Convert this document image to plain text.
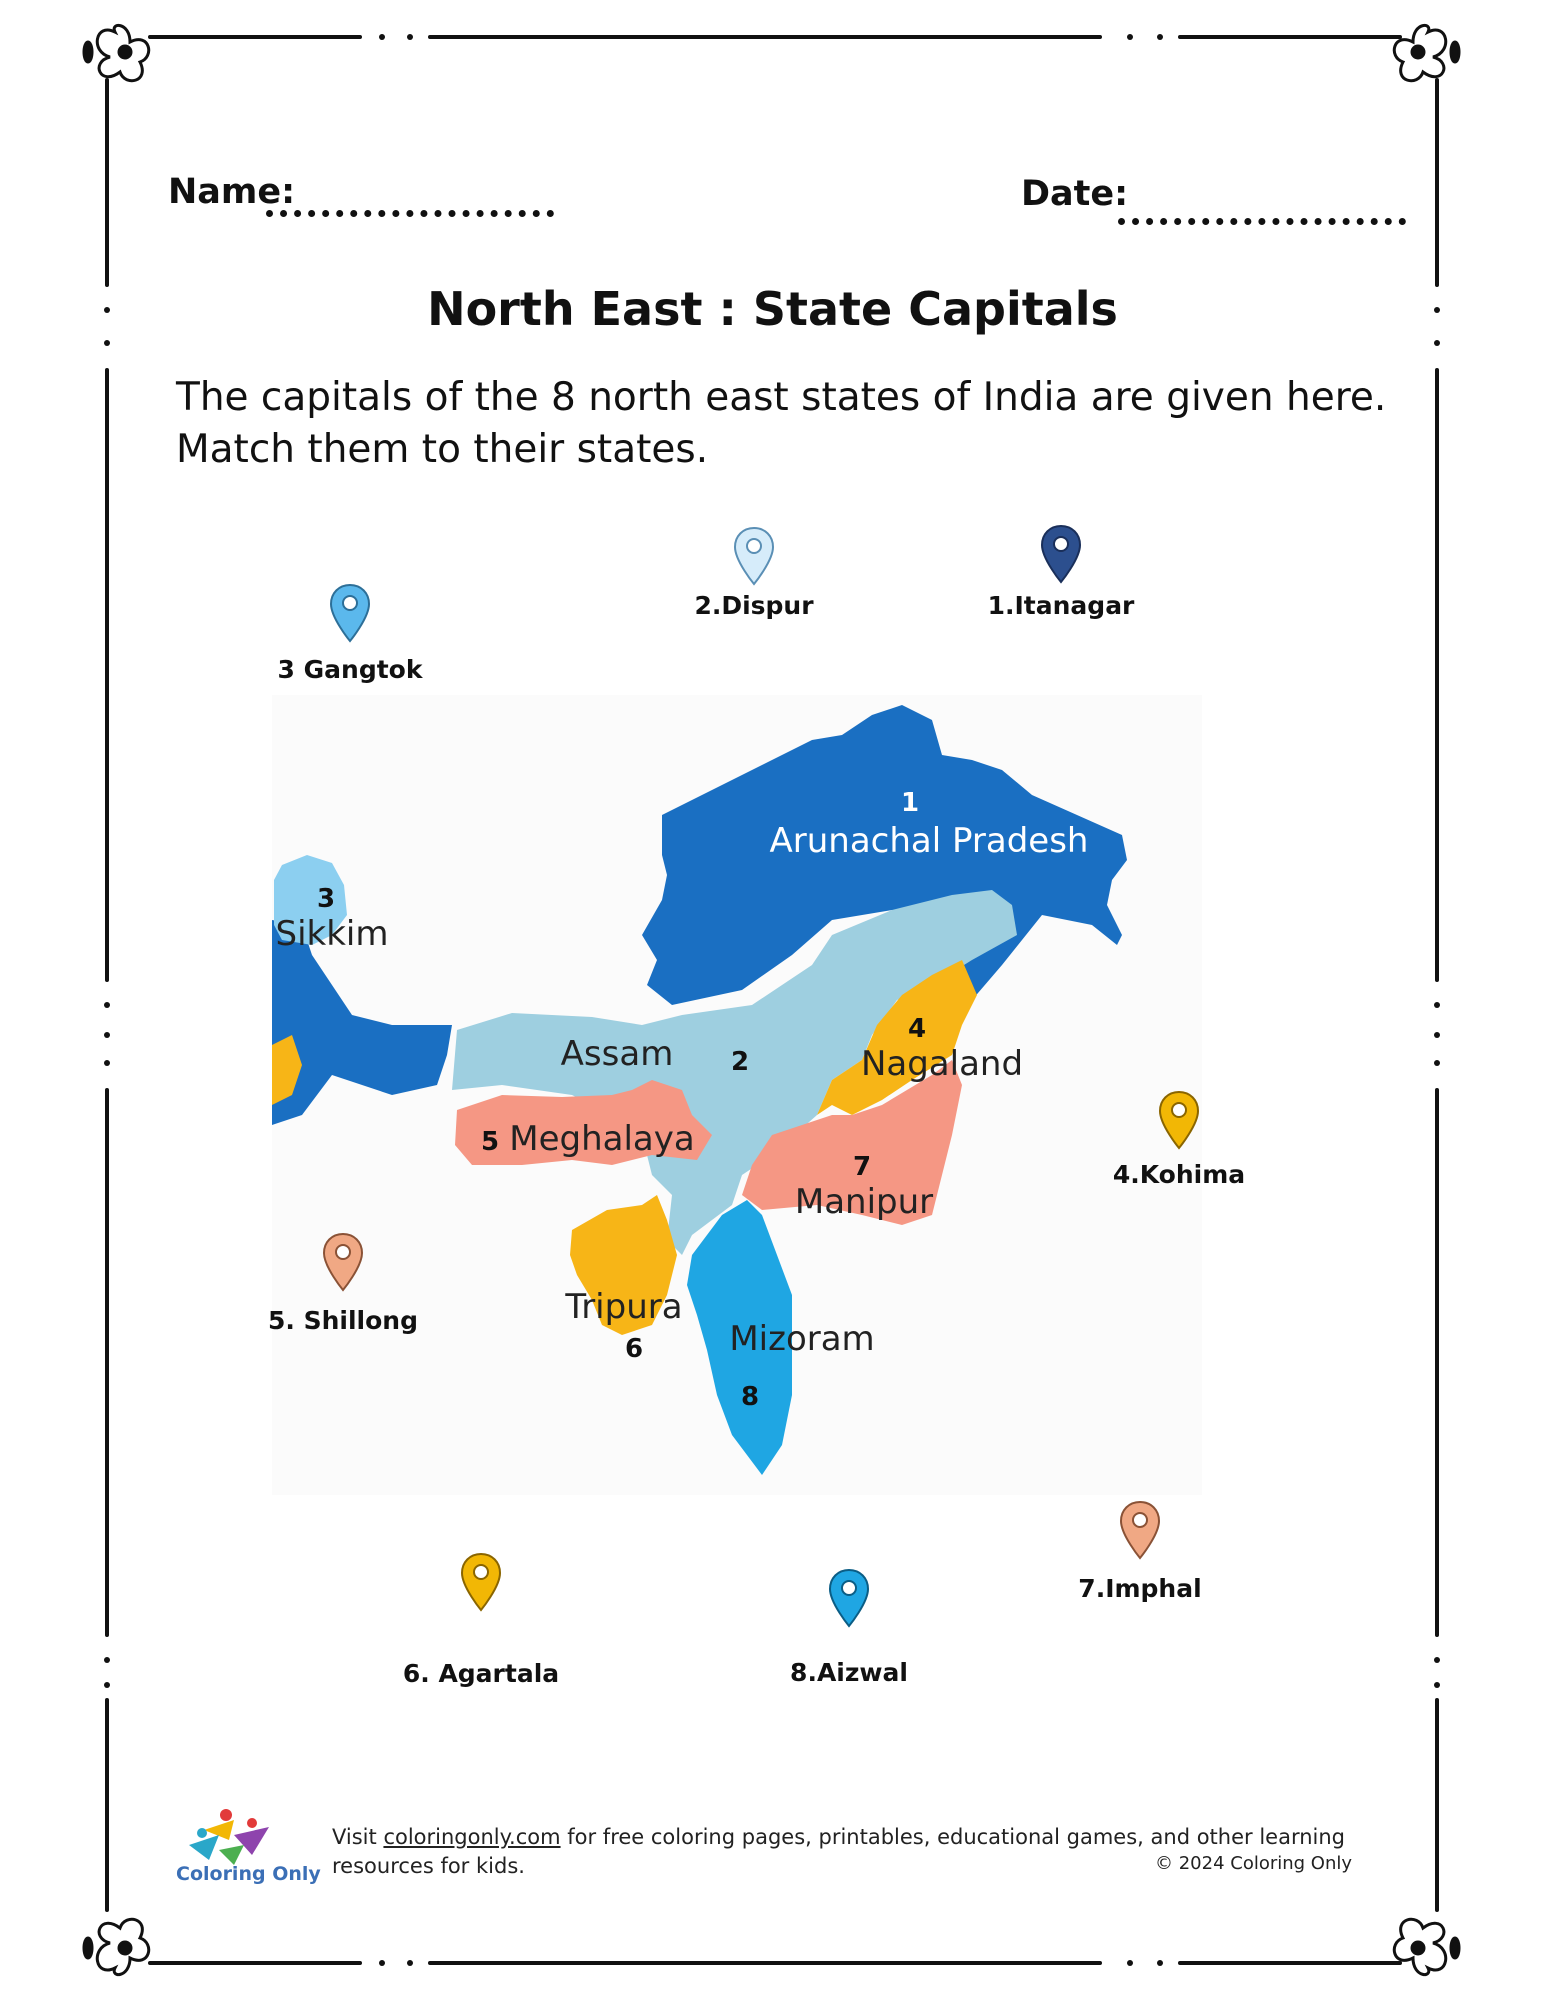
Name:	Date:
North East : State Capitals
The capitals of the 8 north east states of India are given here.
Match them to their states.
1
Arunachal Pradesh
2
Assam
3
Sikkim
4
Nagaland
5 Meghalaya
6
Tripura
7
Manipur
8
Mizoram
3 Gangtok
2.Dispur	1.Itanagar
4.Kohima
5. Shillong
7.Imphal
6. Agartala	8.Aizwal
Coloring Only
Visit coloringonly.com for free coloring pages, printables, educational games, and other learning resources for kids.	© 2024 Coloring Only
